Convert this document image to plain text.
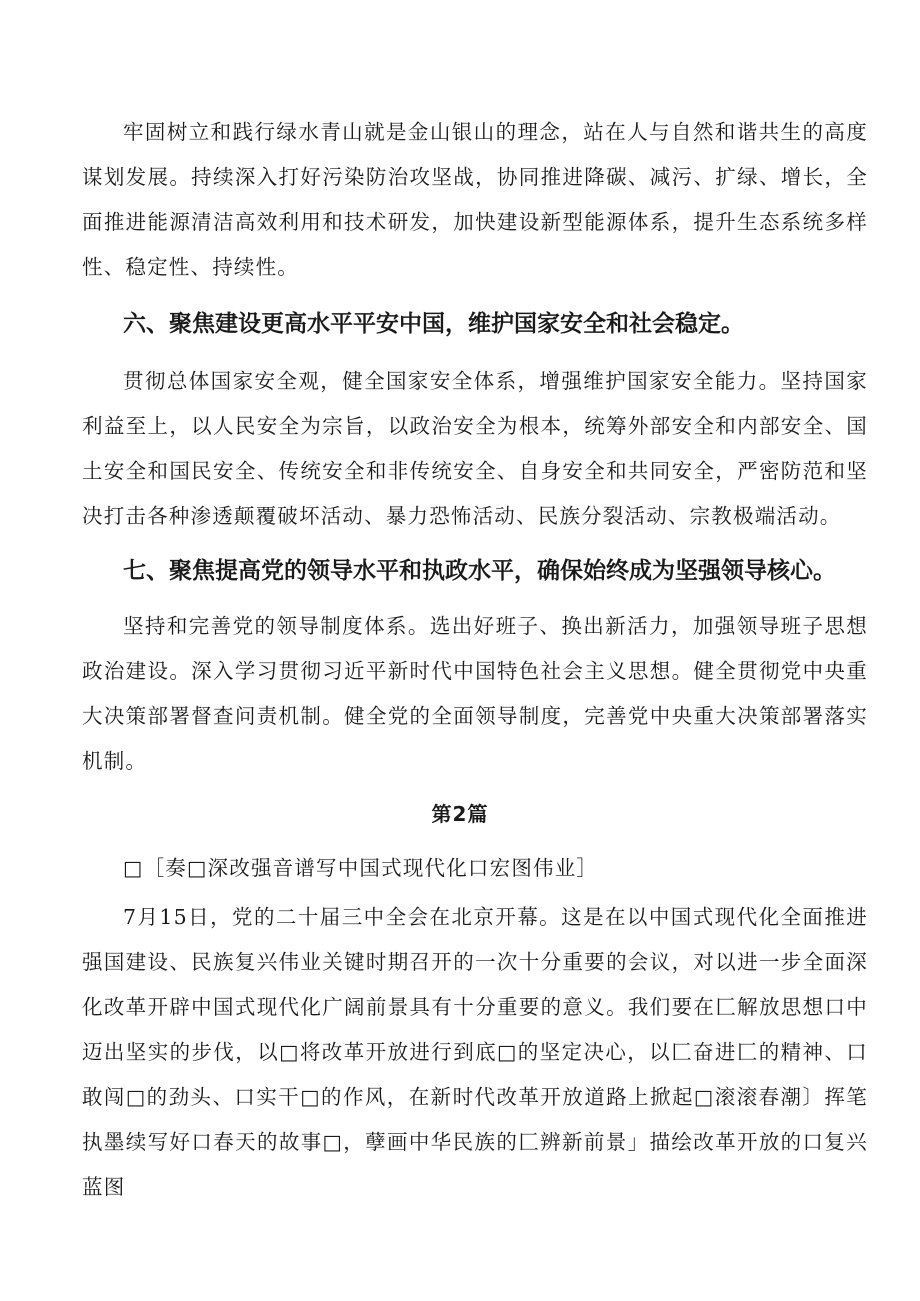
牢固树立和践行绿水青山就是金山银山的理念，站在人与自然和谐共生的高度谋划发展。持续深入打好污染防治攻坚战，协同推进降碳、减污、扩绿、增长，全面推进能源清洁高效利用和技术研发，加快建设新型能源体系，提升生态系统多样性、稳定性、持续性。

六、聚焦建设更高水平平安中国，维护国家安全和社会稳定。

贯彻总体国家安全观，健全国家安全体系，增强维护国家安全能力。坚持国家利益至上，以人民安全为宗旨，以政治安全为根本，统筹外部安全和内部安全、国土安全和国民安全、传统安全和非传统安全、自身安全和共同安全，严密防范和坚决打击各种渗透颠覆破坏活动、暴力恐怖活动、民族分裂活动、宗教极端活动。

七、聚焦提高党的领导水平和执政水平，确保始终成为坚强领导核心。

坚持和完善党的领导制度体系。选出好班子、换出新活力，加强领导班子思想政治建设。深入学习贯彻习近平新时代中国特色社会主义思想。健全贯彻党中央重大决策部署督查问责机制。健全党的全面领导制度，完善党中央重大决策部署落实机制。

第2篇

□［奏□深改强音谱写中国式现代化口宏图伟业］

7月15日，党的二十届三中全会在北京开幕。这是在以中国式现代化全面推进强国建设、民族复兴伟业关键时期召开的一次十分重要的会议，对以进一步全面深化改革开辟中国式现代化广阔前景具有十分重要的意义。我们要在匚解放思想口中迈出坚实的步伐，以□将改革开放进行到底□的坚定决心，以匚奋进匚的精神、口敢闯□的劲头、口实干□的作风，在新时代改革开放道路上掀起□滚滚春潮〕挥笔执墨续写好口春天的故事□，孽画中华民族的匚辨新前景」描绘改革开放的口复兴蓝图
